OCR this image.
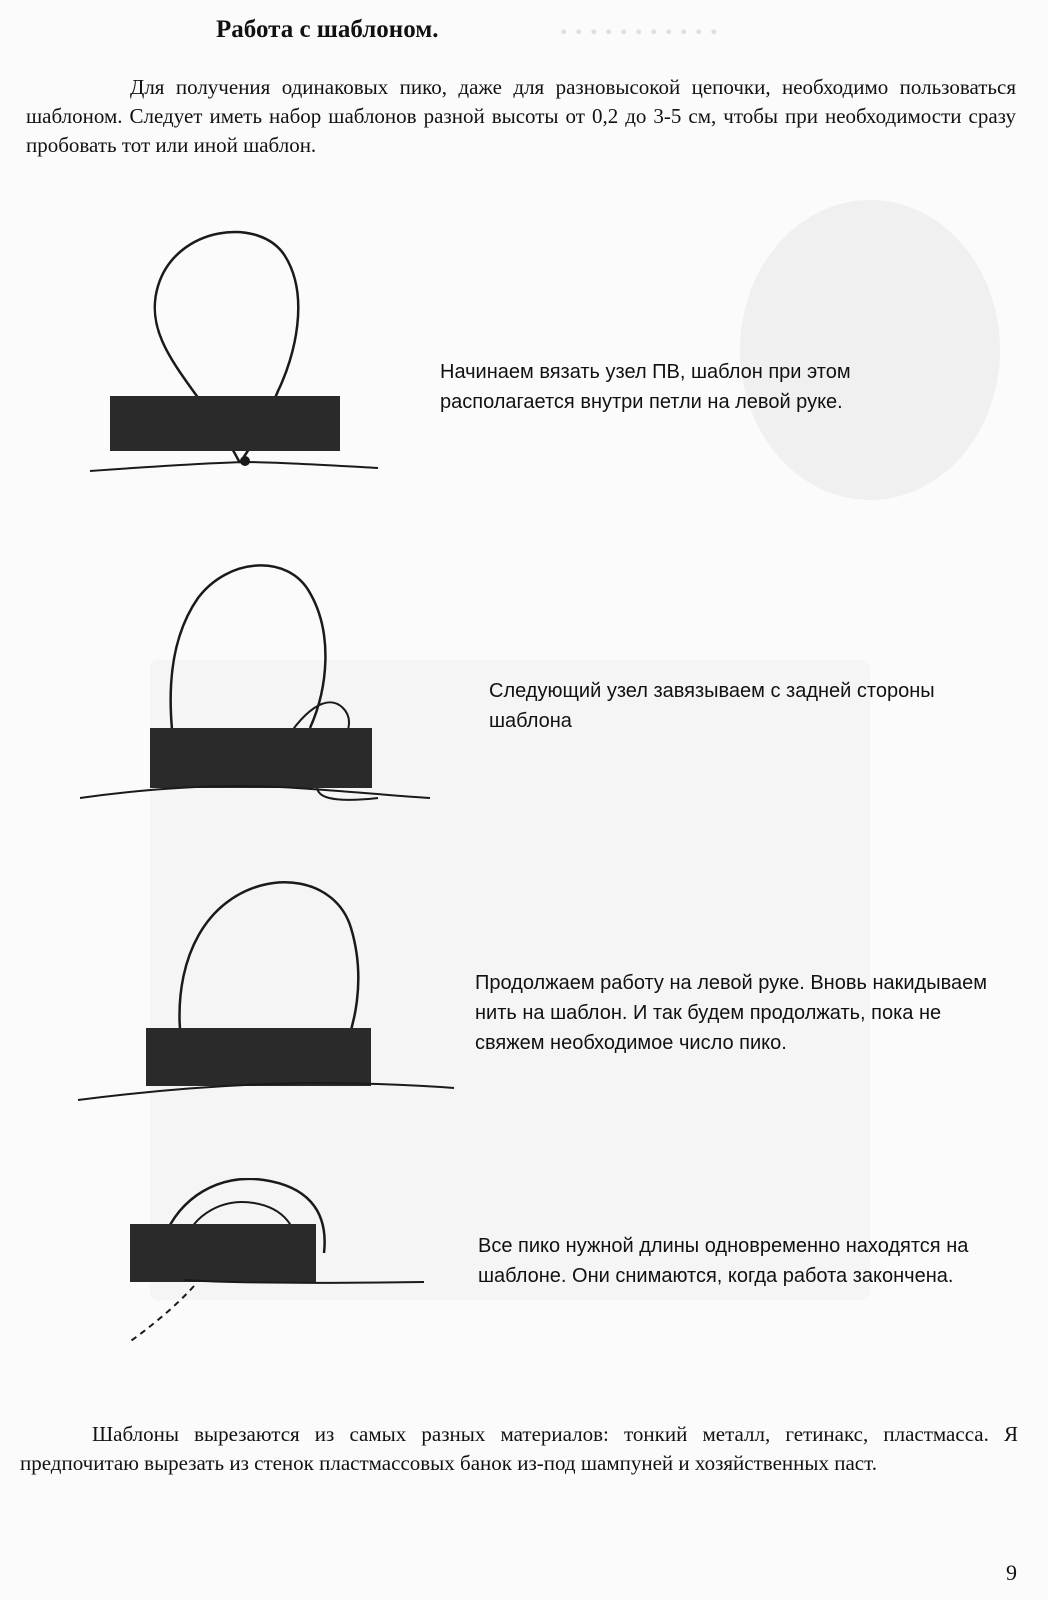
. . . . . . . . . . .
Работа с шаблоном.

Для получения одинаковых пико, даже для разновысокой цепочки, необходимо пользоваться шаблоном. Следует иметь набор шаблонов разной высоты от 0,2 до 3-5 см, чтобы при необходимости сразу пробовать тот или иной шаблон.

Начинаем вязать узел ПВ, шаблон при этом располагается внутри петли на левой руке.

Следующий узел завязываем с задней стороны шаблона

Продолжаем работу на левой руке. Вновь накидываем нить на шаблон. И так будем продолжать, пока не свяжем необходимое число пико.

Все пико нужной длины одновременно находятся на шаблоне. Они снимаются, когда работа закончена.

Шаблоны вырезаются из самых разных материалов: тонкий металл, гетинакс, пластмасса. Я предпочитаю вырезать из стенок пластмассовых банок из-под шампуней и хозяйственных паст.

9
